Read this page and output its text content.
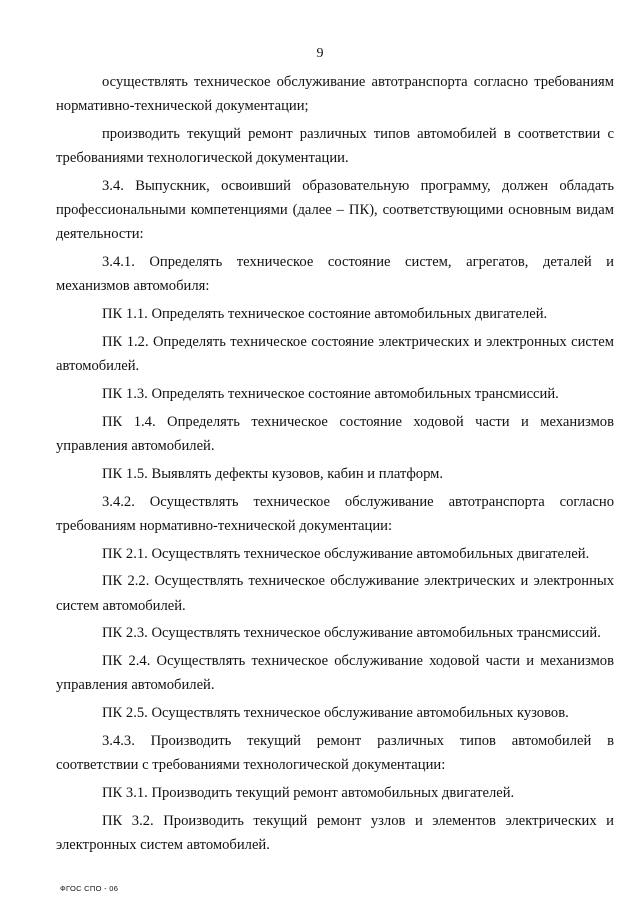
9

осуществлять техническое обслуживание автотранспорта согласно требованиям нормативно-технической документации;

производить текущий ремонт различных типов автомобилей в соответствии с требованиями технологической документации.

3.4. Выпускник, освоивший образовательную программу, должен обладать профессиональными компетенциями (далее – ПК), соответствующими основным видам деятельности:

3.4.1. Определять техническое состояние систем, агрегатов, деталей и механизмов автомобиля:

ПК 1.1. Определять техническое состояние автомобильных двигателей.

ПК 1.2. Определять техническое состояние электрических и электронных систем автомобилей.

ПК 1.3. Определять техническое состояние автомобильных трансмиссий.

ПК 1.4. Определять техническое состояние ходовой части и механизмов управления автомобилей.

ПК 1.5. Выявлять дефекты кузовов, кабин и платформ.

3.4.2. Осуществлять техническое обслуживание автотранспорта согласно требованиям нормативно-технической документации:

ПК 2.1. Осуществлять техническое обслуживание автомобильных двигателей.

ПК 2.2. Осуществлять техническое обслуживание электрических и электронных систем автомобилей.

ПК 2.3. Осуществлять техническое обслуживание автомобильных трансмиссий.

ПК 2.4. Осуществлять техническое обслуживание ходовой части и механизмов управления автомобилей.

ПК 2.5. Осуществлять техническое обслуживание автомобильных кузовов.

3.4.3. Производить текущий ремонт различных типов автомобилей в соответствии с требованиями технологической документации:

ПК 3.1. Производить текущий ремонт автомобильных двигателей.

ПК 3.2. Производить текущий ремонт узлов и элементов электрических и электронных систем автомобилей.

ФГОС СПО - 06
